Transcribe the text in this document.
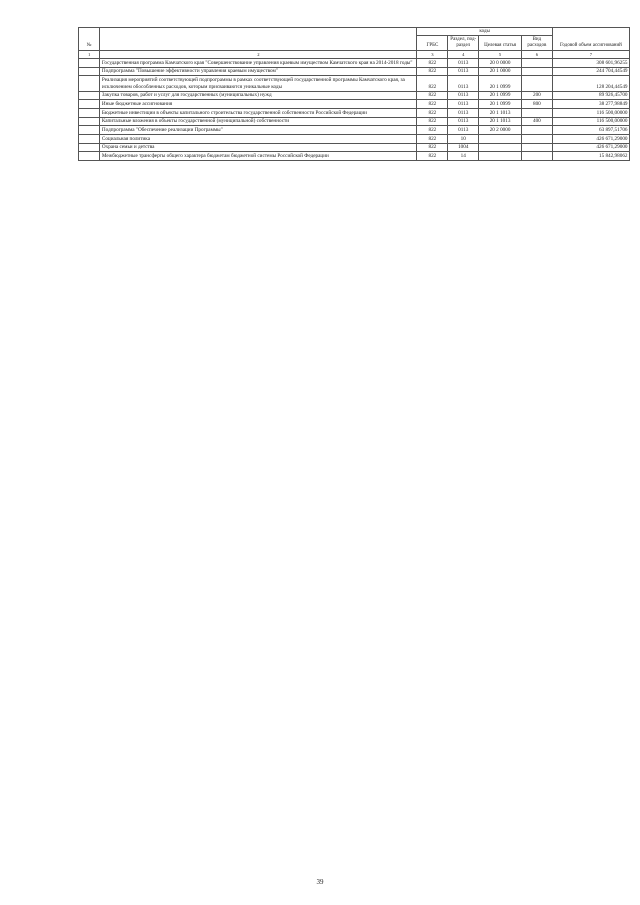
№		коды				Годовой объем ассигнований
		ГРБС	Раздел, под-раздел	Целевая статья	Вид расходов	
1	2	3	4	5	6	7
	Государственная программа Камчатского края "Совершенствование управления краевым имуществом Камчатского края на 2014-2018 годы"	822	0113	20 0 0000		308 601,96255
	Подпрограмма "Повышение эффективности управления краевым имуществом"	822	0113	20 1 0000		244 704,44549
	Реализация мероприятий соответствующей подпрограммы в рамках соответствующей государственной программы Камчатского края, за исключением обособленных расходов, которым присваиваются уникальные коды	822	0113	20 1 0999		128 204,44549
	Закупка товаров, работ и услуг для государственных (муниципальных) нужд	822	0113	20 1 0999	200	89 926,45700
	Иные бюджетные ассигнования	822	0113	20 1 0999	800	38 277,98849
	Бюджетные инвестиции в объекты капитального строительства государственной собственности Российской Федерации	822	0113	20 1 1013		116 500,00000
	Капитальные вложения в объекты государственной (муниципальной) собственности	822	0113	20 1 1013	400	116 500,00000
	Подпрограмма "Обеспечение реализации Программы"	822	0113	20 2 0000		63 897,51706
	Социальная политика	822	10			426 671,29000
	Охрана семьи и детства	822	1004			426 671,29000
	Межбюджетные трансферты общего характера бюджетам бюджетной системы Российской Федерации	822	14			15 842,98062
39
